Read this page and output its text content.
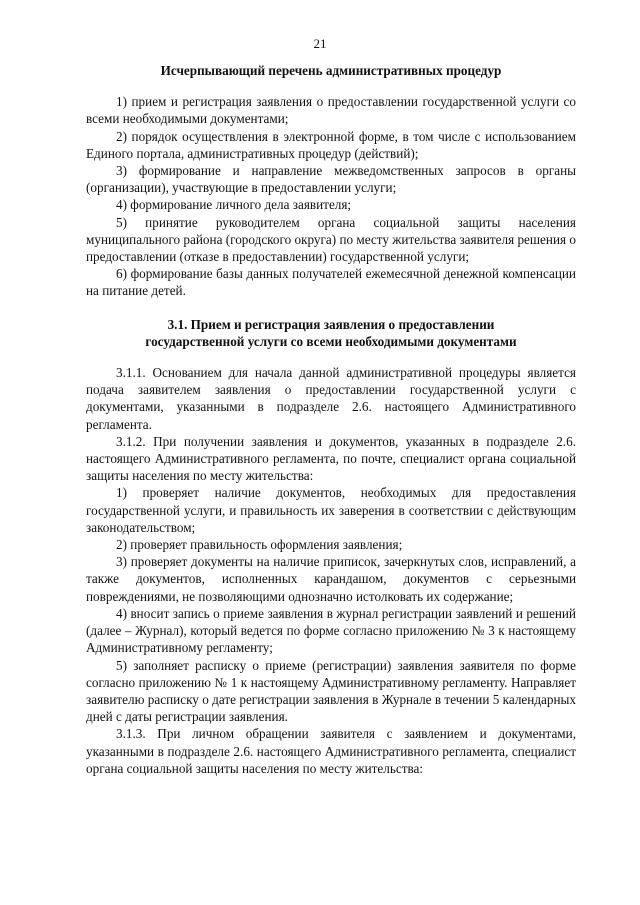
21
Исчерпывающий перечень административных процедур

1) прием и регистрация заявления о предоставлении государственной услуги со всеми необходимыми документами;

2) порядок осуществления в электронной форме, в том числе с использованием Единого портала, административных процедур (действий);

3) формирование и направление межведомственных запросов в органы (организации), участвующие в предоставлении услуги;

4) формирование личного дела заявителя;

5) принятие руководителем органа социальной защиты населения муниципального района (городского округа) по месту жительства заявителя решения о предоставлении (отказе в предоставлении) государственной услуги;

6) формирование базы данных получателей ежемесячной денежной компенсации на питание детей.

3.1. Прием и регистрация заявления о предоставлении
государственной услуги со всеми необходимыми документами

3.1.1. Основанием для начала данной административной процедуры является подача заявителем заявления о предоставлении государственной услуги с документами, указанными в подразделе 2.6. настоящего Административного регламента.

3.1.2. При получении заявления и документов, указанных в подразделе 2.6. настоящего Административного регламента, по почте, специалист органа социальной защиты населения по месту жительства:

1) проверяет наличие документов, необходимых для предоставления государственной услуги, и правильность их заверения в соответствии с действующим законодательством;

2) проверяет правильность оформления заявления;

3) проверяет документы на наличие приписок, зачеркнутых слов, исправлений, а также документов, исполненных карандашом, документов с серьезными повреждениями, не позволяющими однозначно истолковать их содержание;

4) вносит запись о приеме заявления в журнал регистрации заявлений и решений (далее – Журнал), который ведется по форме согласно приложению № 3 к настоящему Административному регламенту;

5) заполняет расписку о приеме (регистрации) заявления заявителя по форме согласно приложению № 1 к настоящему Административному регламенту. Направляет заявителю расписку о дате регистрации заявления в Журнале в течении 5 календарных дней с даты регистрации заявления.

3.1.3. При личном обращении заявителя с заявлением и документами, указанными в подразделе 2.6. настоящего Административного регламента, специалист органа социальной защиты населения по месту жительства:
